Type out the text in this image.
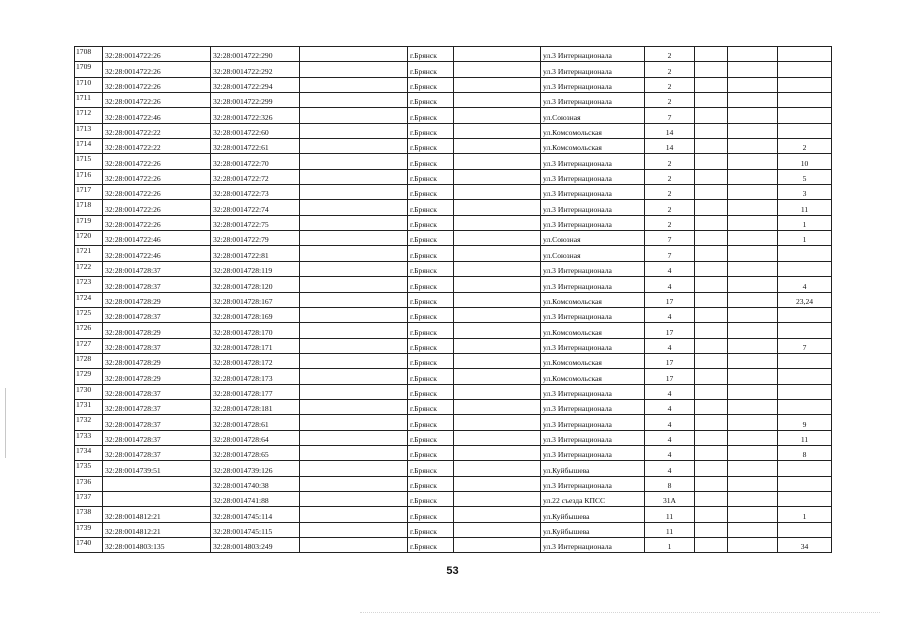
1708	32:28:0014722:26	32:28:0014722:290		г.Брянск		ул.3 Интернационала	2			
1709	32:28:0014722:26	32:28:0014722:292		г.Брянск		ул.3 Интернационала	2			
1710	32:28:0014722:26	32:28:0014722:294		г.Брянск		ул.3 Интернационала	2			
1711	32:28:0014722:26	32:28:0014722:299		г.Брянск		ул.3 Интернационала	2			
1712	32:28:0014722:46	32:28:0014722:326		г.Брянск		ул.Союзная	7			
1713	32:28:0014722:22	32:28:0014722:60		г.Брянск		ул.Комсомольская	14			
1714	32:28:0014722:22	32:28:0014722:61		г.Брянск		ул.Комсомольская	14			2
1715	32:28:0014722:26	32:28:0014722:70		г.Брянск		ул.3 Интернационала	2			10
1716	32:28:0014722:26	32:28:0014722:72		г.Брянск		ул.3 Интернационала	2			5
1717	32:28:0014722:26	32:28:0014722:73		г.Брянск		ул.3 Интернационала	2			3
1718	32:28:0014722:26	32:28:0014722:74		г.Брянск		ул.3 Интернационала	2			11
1719	32:28:0014722:26	32:28:0014722:75		г.Брянск		ул.3 Интернационала	2			1
1720	32:28:0014722:46	32:28:0014722:79		г.Брянск		ул.Союзная	7			1
1721	32:28:0014722:46	32:28:0014722:81		г.Брянск		ул.Союзная	7			
1722	32:28:0014728:37	32:28:0014728:119		г.Брянск		ул.3 Интернационала	4			
1723	32:28:0014728:37	32:28:0014728:120		г.Брянск		ул.3 Интернационала	4			4
1724	32:28:0014728:29	32:28:0014728:167		г.Брянск		ул.Комсомольская	17			23,24
1725	32:28:0014728:37	32:28:0014728:169		г.Брянск		ул.3 Интернационала	4			
1726	32:28:0014728:29	32:28:0014728:170		г.Брянск		ул.Комсомольская	17			
1727	32:28:0014728:37	32:28:0014728:171		г.Брянск		ул.3 Интернационала	4			7
1728	32:28:0014728:29	32:28:0014728:172		г.Брянск		ул.Комсомольская	17			
1729	32:28:0014728:29	32:28:0014728:173		г.Брянск		ул.Комсомольская	17			
1730	32:28:0014728:37	32:28:0014728:177		г.Брянск		ул.3 Интернационала	4			
1731	32:28:0014728:37	32:28:0014728:181		г.Брянск		ул.3 Интернационала	4			
1732	32:28:0014728:37	32:28:0014728:61		г.Брянск		ул.3 Интернационала	4			9
1733	32:28:0014728:37	32:28:0014728:64		г.Брянск		ул.3 Интернационала	4			11
1734	32:28:0014728:37	32:28:0014728:65		г.Брянск		ул.3 Интернационала	4			8
1735	32:28:0014739:51	32:28:0014739:126		г.Брянск		ул.Куйбышева	4			
1736		32:28:0014740:38		г.Брянск		ул.3 Интернационала	8			
1737		32:28:0014741:88		г.Брянск		ул.22 съезда КПСС	31А			
1738	32:28:0014812:21	32:28:0014745:114		г.Брянск		ул.Куйбышева	11			1
1739	32:28:0014812:21	32:28:0014745:115		г.Брянск		ул.Куйбышева	11			
1740	32:28:0014803:135	32:28:0014803:249		г.Брянск		ул.3 Интернационала	1			34
53
